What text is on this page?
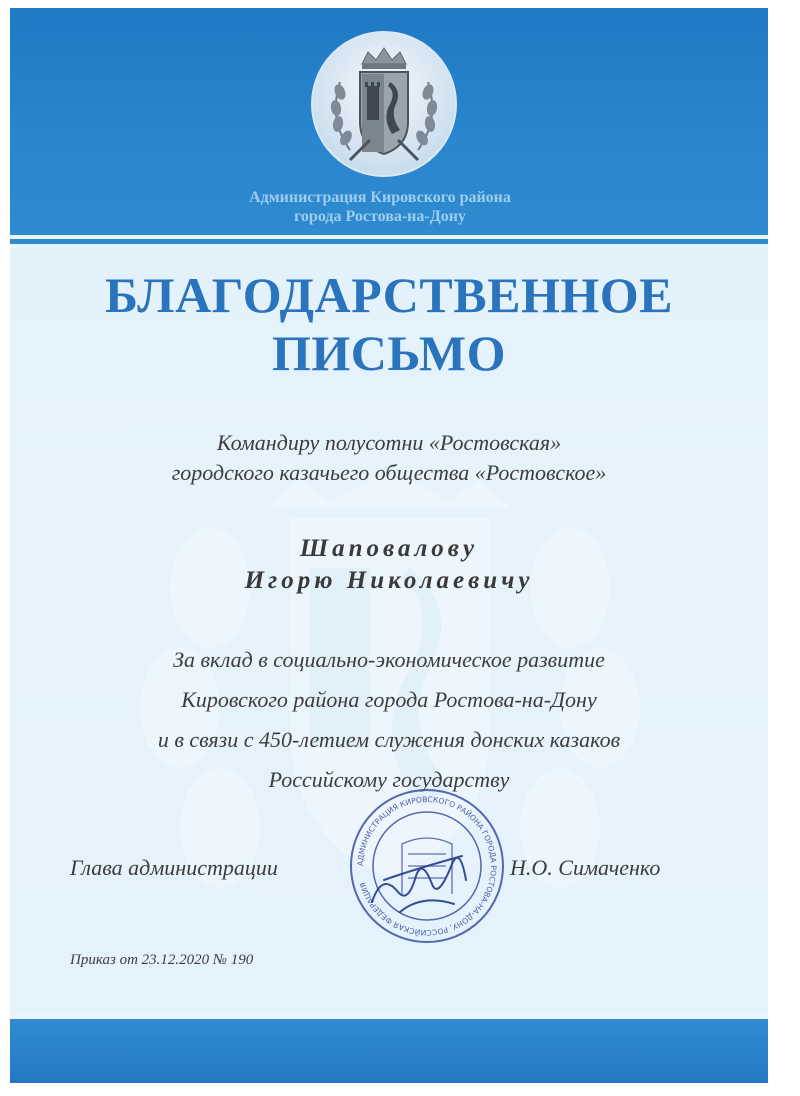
Администрация Кировского района
города Ростова-на-Дону
БЛАГОДАРСТВЕННОЕ
ПИСЬМО
Командиру полусотни «Ростовская»
городского казачьего общества «Ростовское»
Шаповалову
Игорю Николаевичу
За вклад в социально-экономическое развитие
Кировского района города Ростова-на-Дону
и в связи с 450-летием служения донских казаков
Российскому государству
Глава администрации	Н.О. Симаченко
АДМИНИСТРАЦИЯ КИРОВСКОГО РАЙОНА ГОРОДА РОСТОВА-НА-ДОНУ, РОССИЙСКАЯ ФЕДЕРАЦИЯ
Приказ от 23.12.2020 № 190
